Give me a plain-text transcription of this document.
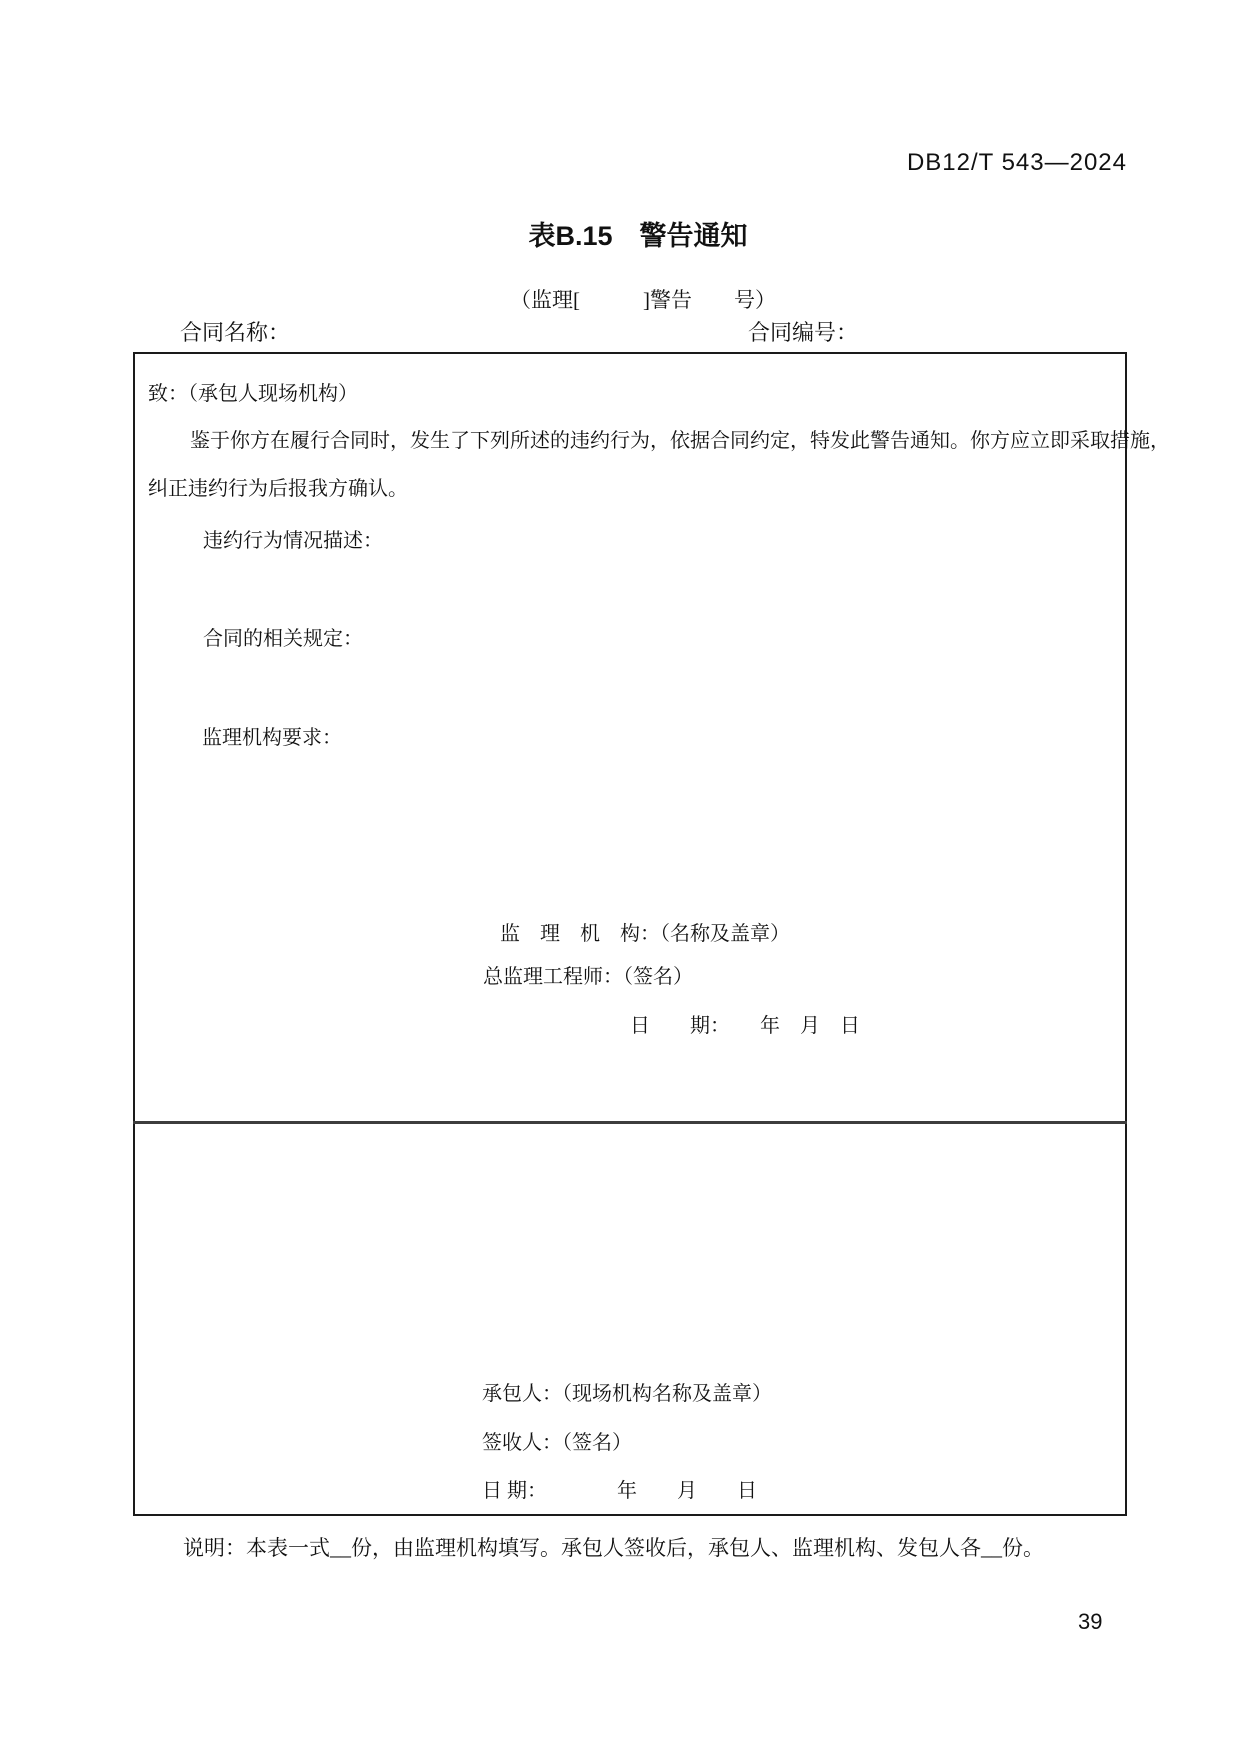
DB12/T 543—2024
表B.15　警告通知
（监理[　　　]警告　　号）
合同名称：	合同编号：
致：（承包人现场机构）
鉴于你方在履行合同时，发生了下列所述的违约行为，依据合同约定，特发此警告通知。你方应立即采取措施，
纠正违约行为后报我方确认。
违约行为情况描述：
合同的相关规定：
监理机构要求：
监　理　机　构：（名称及盖章）
总监理工程师：（签名）
日　　期：　　年　月　日
承包人：（现场机构名称及盖章）
签收人：（签名）
日 期：　　　　年　　月　　日
说明：本表一式__份，由监理机构填写。承包人签收后，承包人、监理机构、发包人各__份。
39
